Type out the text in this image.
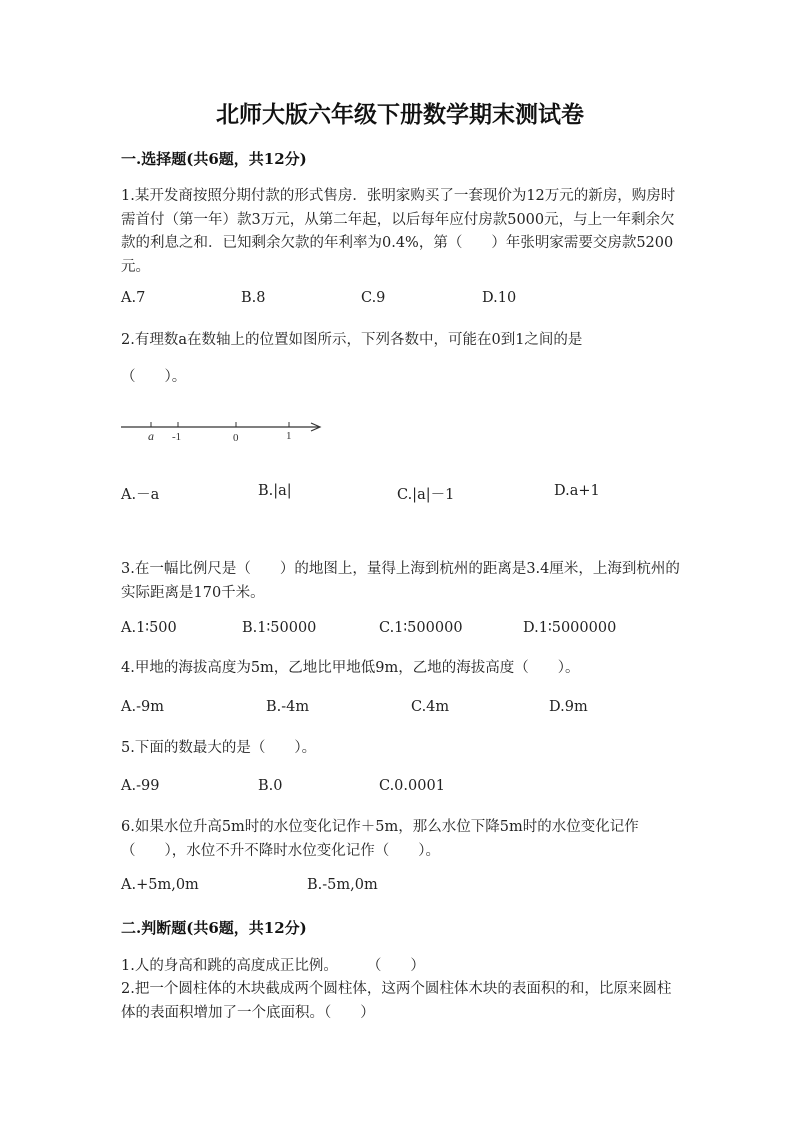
北师大版六年级下册数学期末测试卷
一.选择题(共6题，共12分)
1.某开发商按照分期付款的形式售房．张明家购买了一套现价为12万元的新房，购房时需首付（第一年）款3万元，从第二年起，以后每年应付房款5000元，与上一年剩余欠款的利息之和．已知剩余欠款的年利率为0.4%，第（　　）年张明家需要交房款5200元。
A.7	B.8	C.9	D.10
2.有理数a在数轴上的位置如图所示，下列各数中，可能在0到1之间的是
（　　）。
a -1	0	1
A.－a	B.|a|	C.|a|－1	D.a+1
3.在一幅比例尺是（　　）的地图上，量得上海到杭州的距离是3.4厘米，上海到杭州的实际距离是170千米。
A.1∶500	B.1∶50000	C.1∶500000	D.1∶5000000
4.甲地的海拔高度为5m，乙地比甲地低9m，乙地的海拔高度（　　）。
A.-9m	B.-4m	C.4m	D.9m
5.下面的数最大的是（　　）。
A.-99	B.0	C.0.0001
6.如果水位升高5m时的水位变化记作＋5m，那么水位下降5m时的水位变化记作（　　），水位不升不降时水位变化记作（　　）。
A.+5m,0m	B.-5m,0m
二.判断题(共6题，共12分)
1.人的身高和跳的高度成正比例。　　　（　　）
2.把一个圆柱体的木块截成两个圆柱体，这两个圆柱体木块的表面积的和，比原来圆柱体的表面积增加了一个底面积。（　　）
